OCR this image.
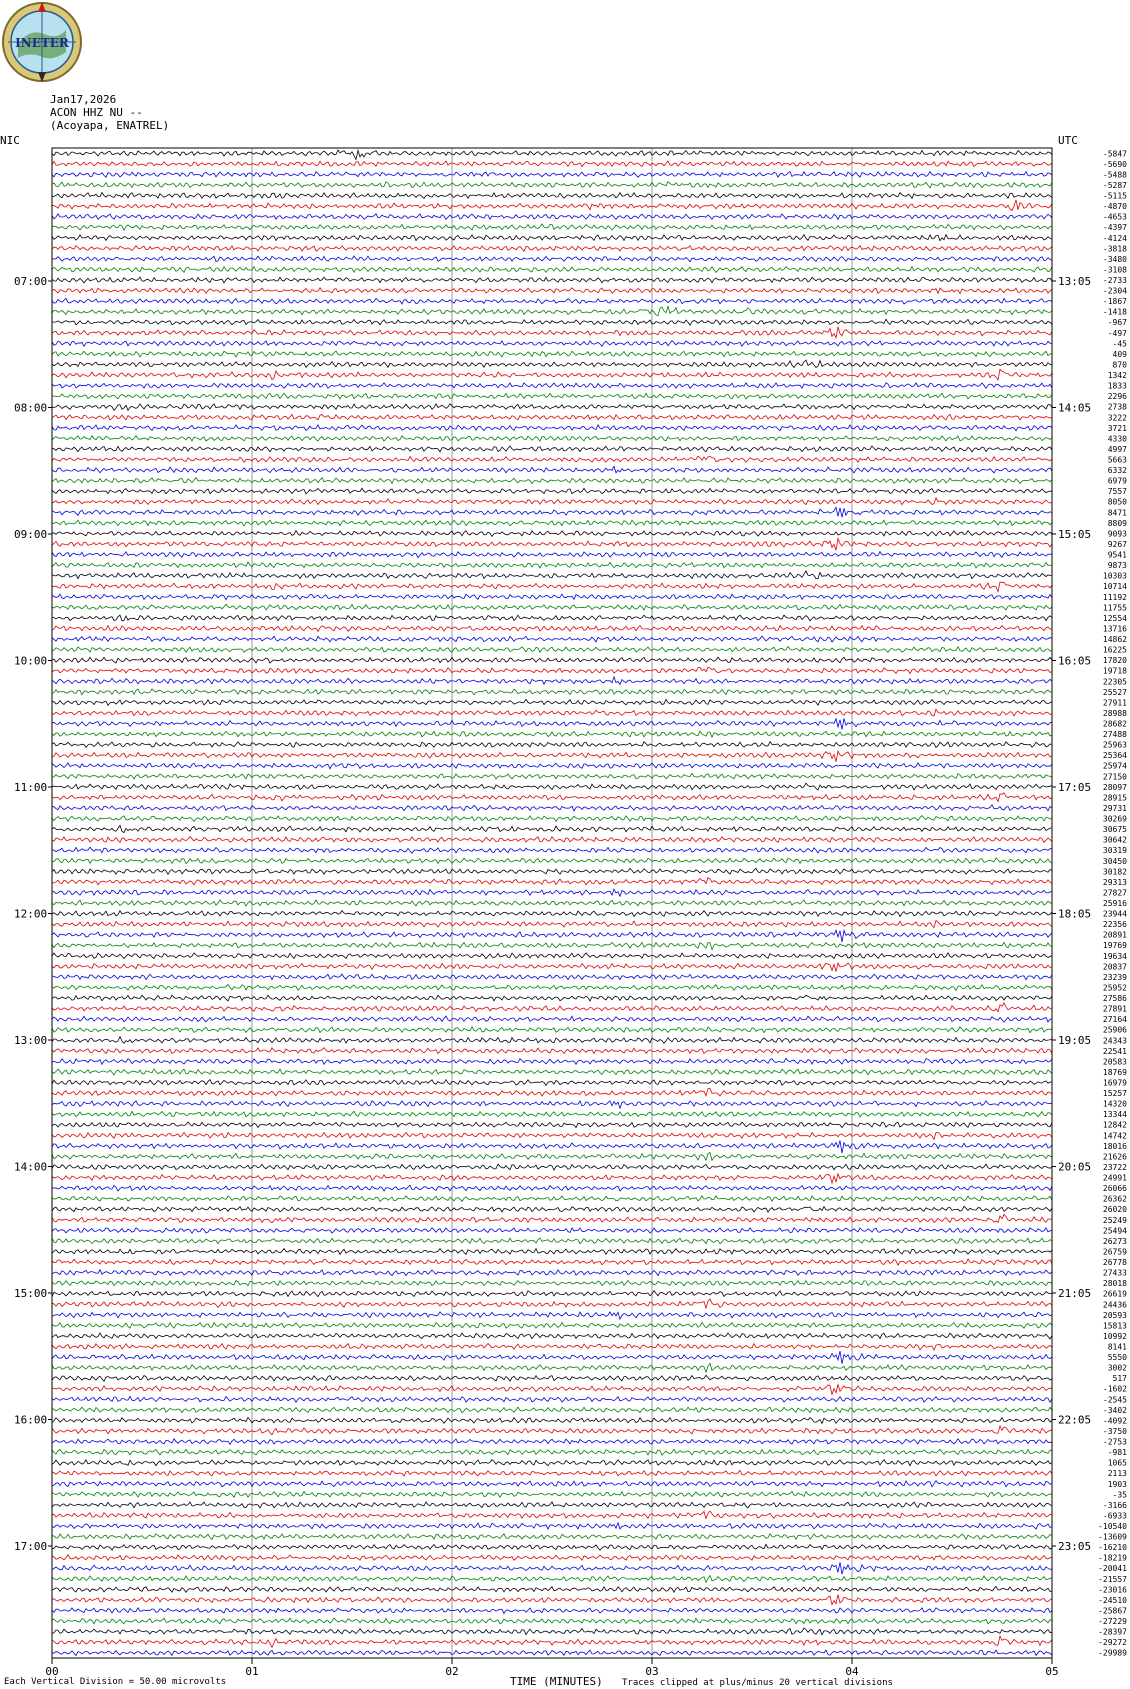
INETER
Jan17,2026
ACON HHZ NU --
(Acoyapa, ENATREL)
NIC	UTC
07:00
08:00
09:00
10:00
11:00
12:00
13:00
14:00
15:00
16:00
17:00
13:05
14:05
15:05
16:05
17:05
18:05
19:05
20:05
21:05
22:05
23:05
-5847
-5690
-5488
-5287
-5115
-4870
-4653
-4397
-4124
-3818
-3480
-3108
-2733
-2304
-1867
-1418
-967
-497
-45
409
870
1342
1833
2296
2738
3222
3721
4330
4997
5663
6332
6979
7557
8050
8471
8809
9093
9267
9541
9873
10303
10714
11192
11755
12554
13716
14862
16225
17820
19718
22305
25527
27911
28988
28682
27488
25963
25364
25974
27150
28097
28915
29731
30269
30675
30642
30319
30450
30182
29313
27827
25916
23944
22356
20891
19769
19634
20837
23239
25952
27586
27891
27164
25906
24343
22541
20583
18769
16979
15257
14320
13344
12842
14742
18016
21626
23722
24991
26066
26362
26020
25249
25494
26273
26759
26778
27433
28018
26619
24436
20593
15813
10992
8141
5550
3002
517
-1602
-2545
-3402
-4092
-3750
-2753
-981
1065
2113
1903
-35
-3166
-6933
-10540
-13609
-16210
-18219
-20041
-21557
-23016
-24510
-25867
-27229
-28397
-29272
-29989
00	01	02	03	04	05
TIME (MINUTES)
Each Vertical Division = 50.00 microvolts	Traces clipped at plus/minus 20 vertical divisions
